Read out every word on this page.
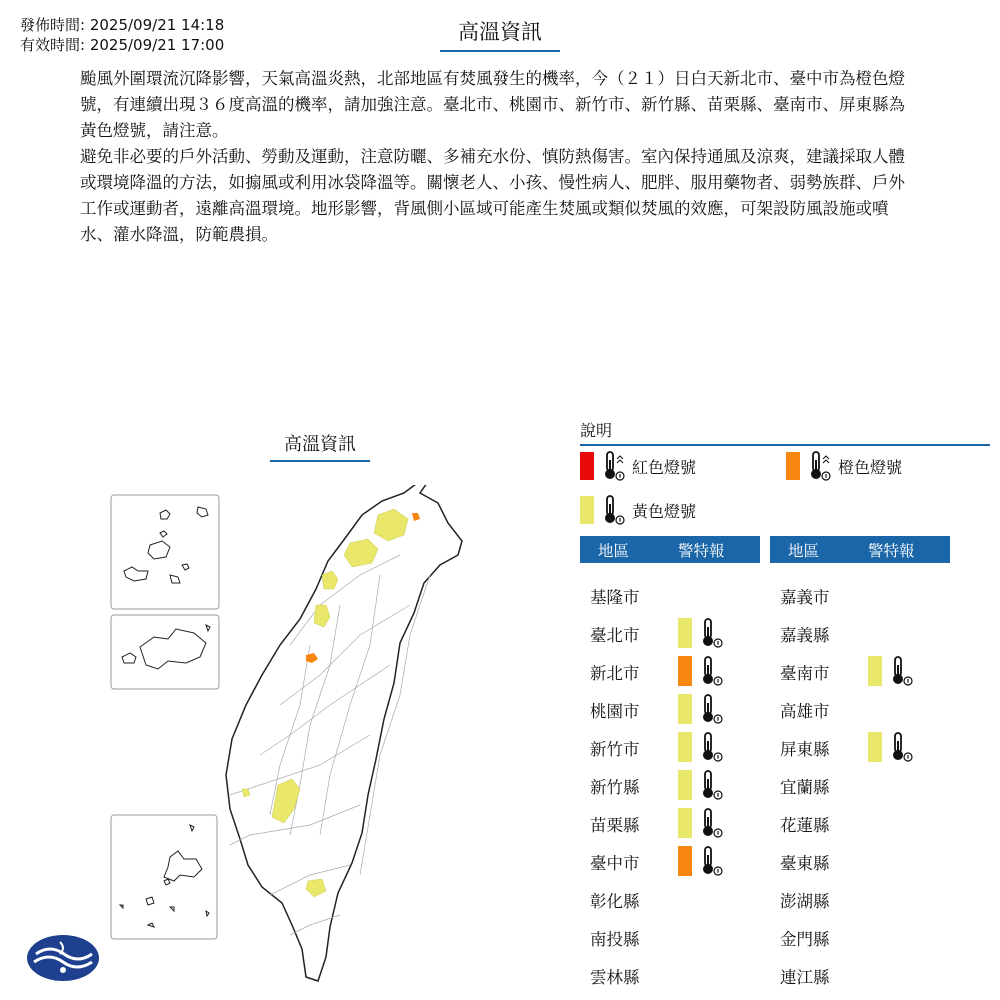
發佈時間: 2025/09/21 14:18
有效時間: 2025/09/21 17:00
高溫資訊

颱風外圍環流沉降影響，天氣高溫炎熱，北部地區有焚風發生的機率，今（２１）日白天新北市、臺中市為橙色燈號，有連續出現３６度高溫的機率，請加強注意。臺北市、桃園市、新竹市、新竹縣、苗栗縣、臺南市、屏東縣為黃色燈號，請注意。

避免非必要的戶外活動、勞動及運動，注意防曬、多補充水份、慎防熱傷害。室內保持通風及涼爽，建議採取人體或環境降溫的方法，如搧風或利用冰袋降溫等。關懷老人、小孩、慢性病人、肥胖、服用藥物者、弱勢族群、戶外工作或運動者，遠離高溫環境。地形影響，背風側小區域可能產生焚風或類似焚風的效應，可架設防風設施或噴水、灌水降溫，防範農損。

高溫資訊
說明
紅色燈號	橙色燈號
黃色燈號
地區	警特報	地區	警特報
基隆市
臺北市
新北市
桃園市
新竹市
新竹縣
苗栗縣
臺中市
彰化縣
南投縣
雲林縣
嘉義市
嘉義縣
臺南市
高雄市
屏東縣
宜蘭縣
花蓮縣
臺東縣
澎湖縣
金門縣
連江縣
